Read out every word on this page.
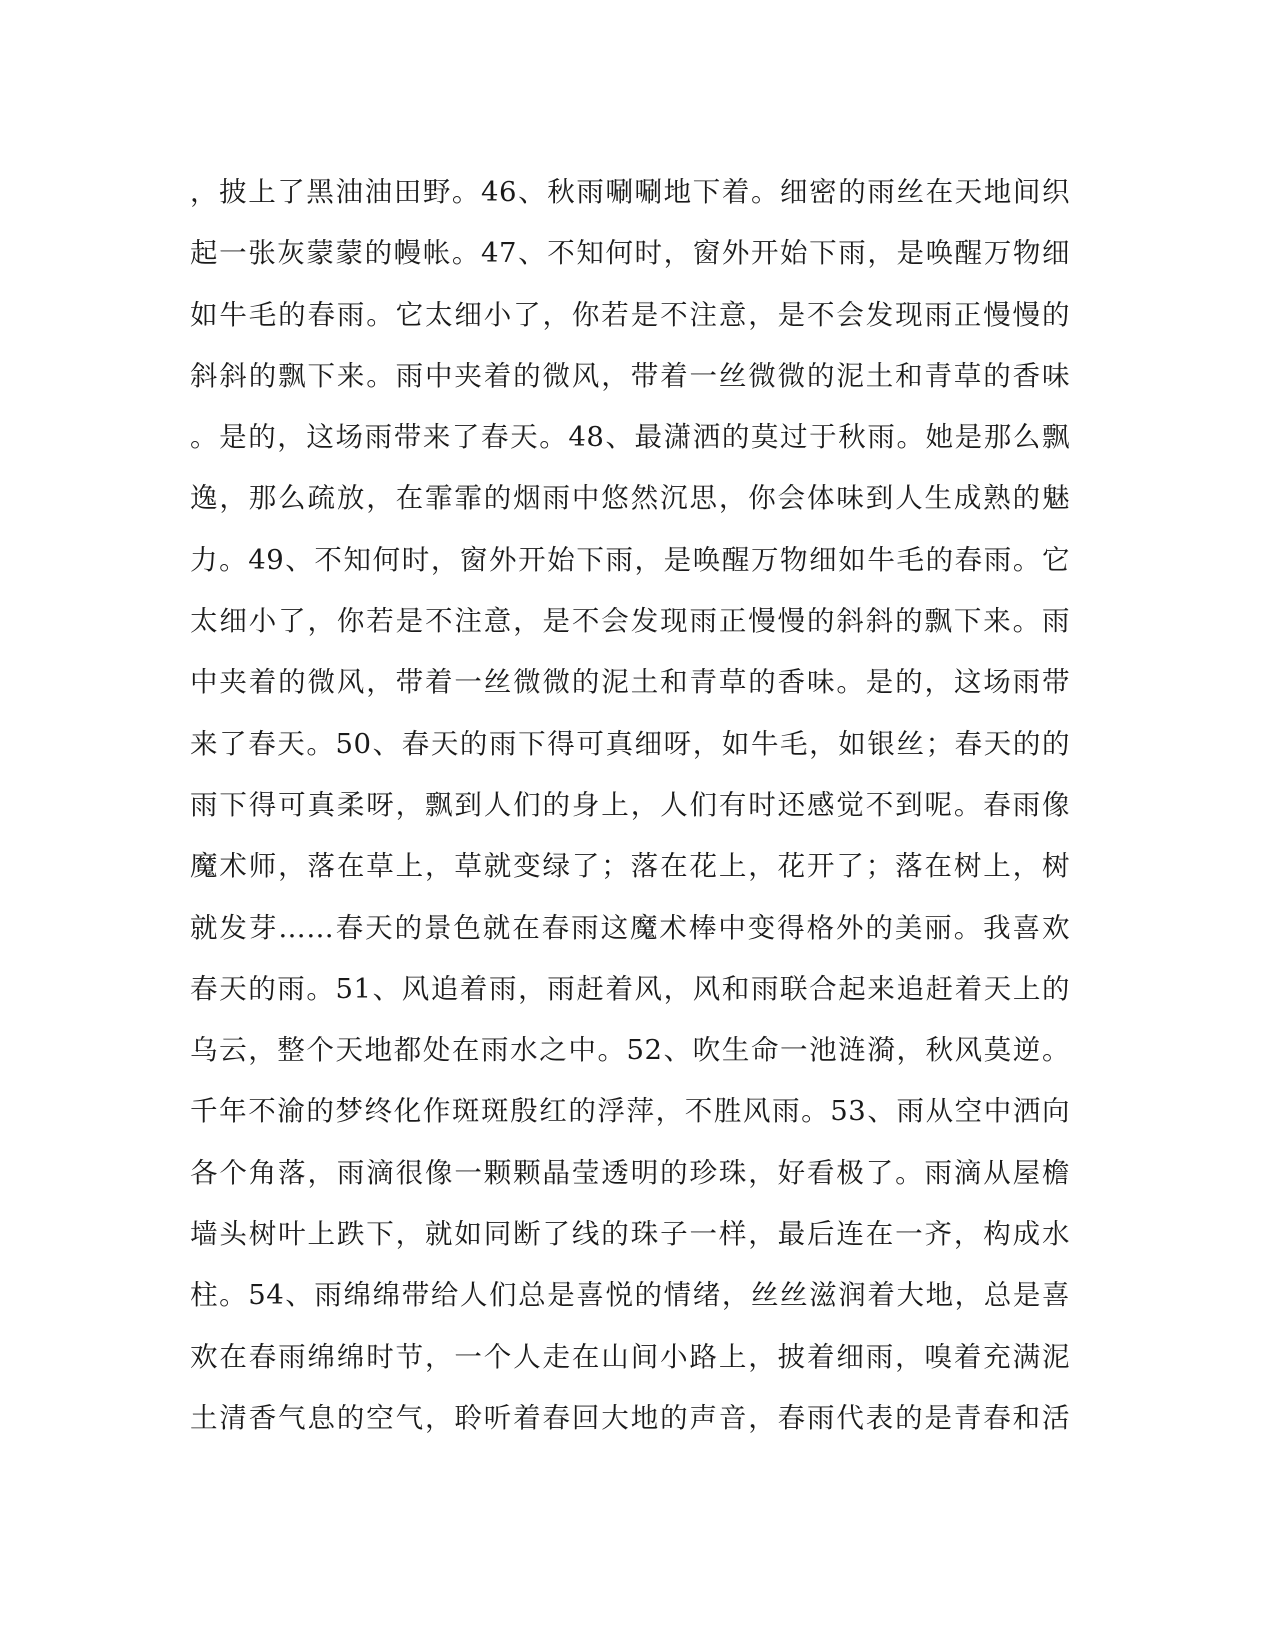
，披上了黑油油田野。46、秋雨唰唰地下着。细密的雨丝在天地间织
起一张灰蒙蒙的幔帐。47、不知何时，窗外开始下雨，是唤醒万物细
如牛毛的春雨。它太细小了，你若是不注意，是不会发现雨正慢慢的
斜斜的飘下来。雨中夹着的微风，带着一丝微微的泥土和青草的香味
。是的，这场雨带来了春天。48、最潇洒的莫过于秋雨。她是那么飘
逸，那么疏放，在霏霏的烟雨中悠然沉思，你会体味到人生成熟的魅
力。49、不知何时，窗外开始下雨，是唤醒万物细如牛毛的春雨。它
太细小了，你若是不注意，是不会发现雨正慢慢的斜斜的飘下来。雨
中夹着的微风，带着一丝微微的泥土和青草的香味。是的，这场雨带
来了春天。50、春天的雨下得可真细呀，如牛毛，如银丝；春天的的
雨下得可真柔呀，飘到人们的身上，人们有时还感觉不到呢。春雨像
魔术师，落在草上，草就变绿了；落在花上，花开了；落在树上，树
就发芽……春天的景色就在春雨这魔术棒中变得格外的美丽。我喜欢
春天的雨。51、风追着雨，雨赶着风，风和雨联合起来追赶着天上的
乌云，整个天地都处在雨水之中。52、吹生命一池涟漪，秋风莫逆。
千年不渝的梦终化作斑斑殷红的浮萍，不胜风雨。53、雨从空中洒向
各个角落，雨滴很像一颗颗晶莹透明的珍珠，好看极了。雨滴从屋檐
墙头树叶上跌下，就如同断了线的珠子一样，最后连在一齐，构成水
柱。54、雨绵绵带给人们总是喜悦的情绪，丝丝滋润着大地，总是喜
欢在春雨绵绵时节，一个人走在山间小路上，披着细雨，嗅着充满泥
土清香气息的空气，聆听着春回大地的声音，春雨代表的是青春和活
